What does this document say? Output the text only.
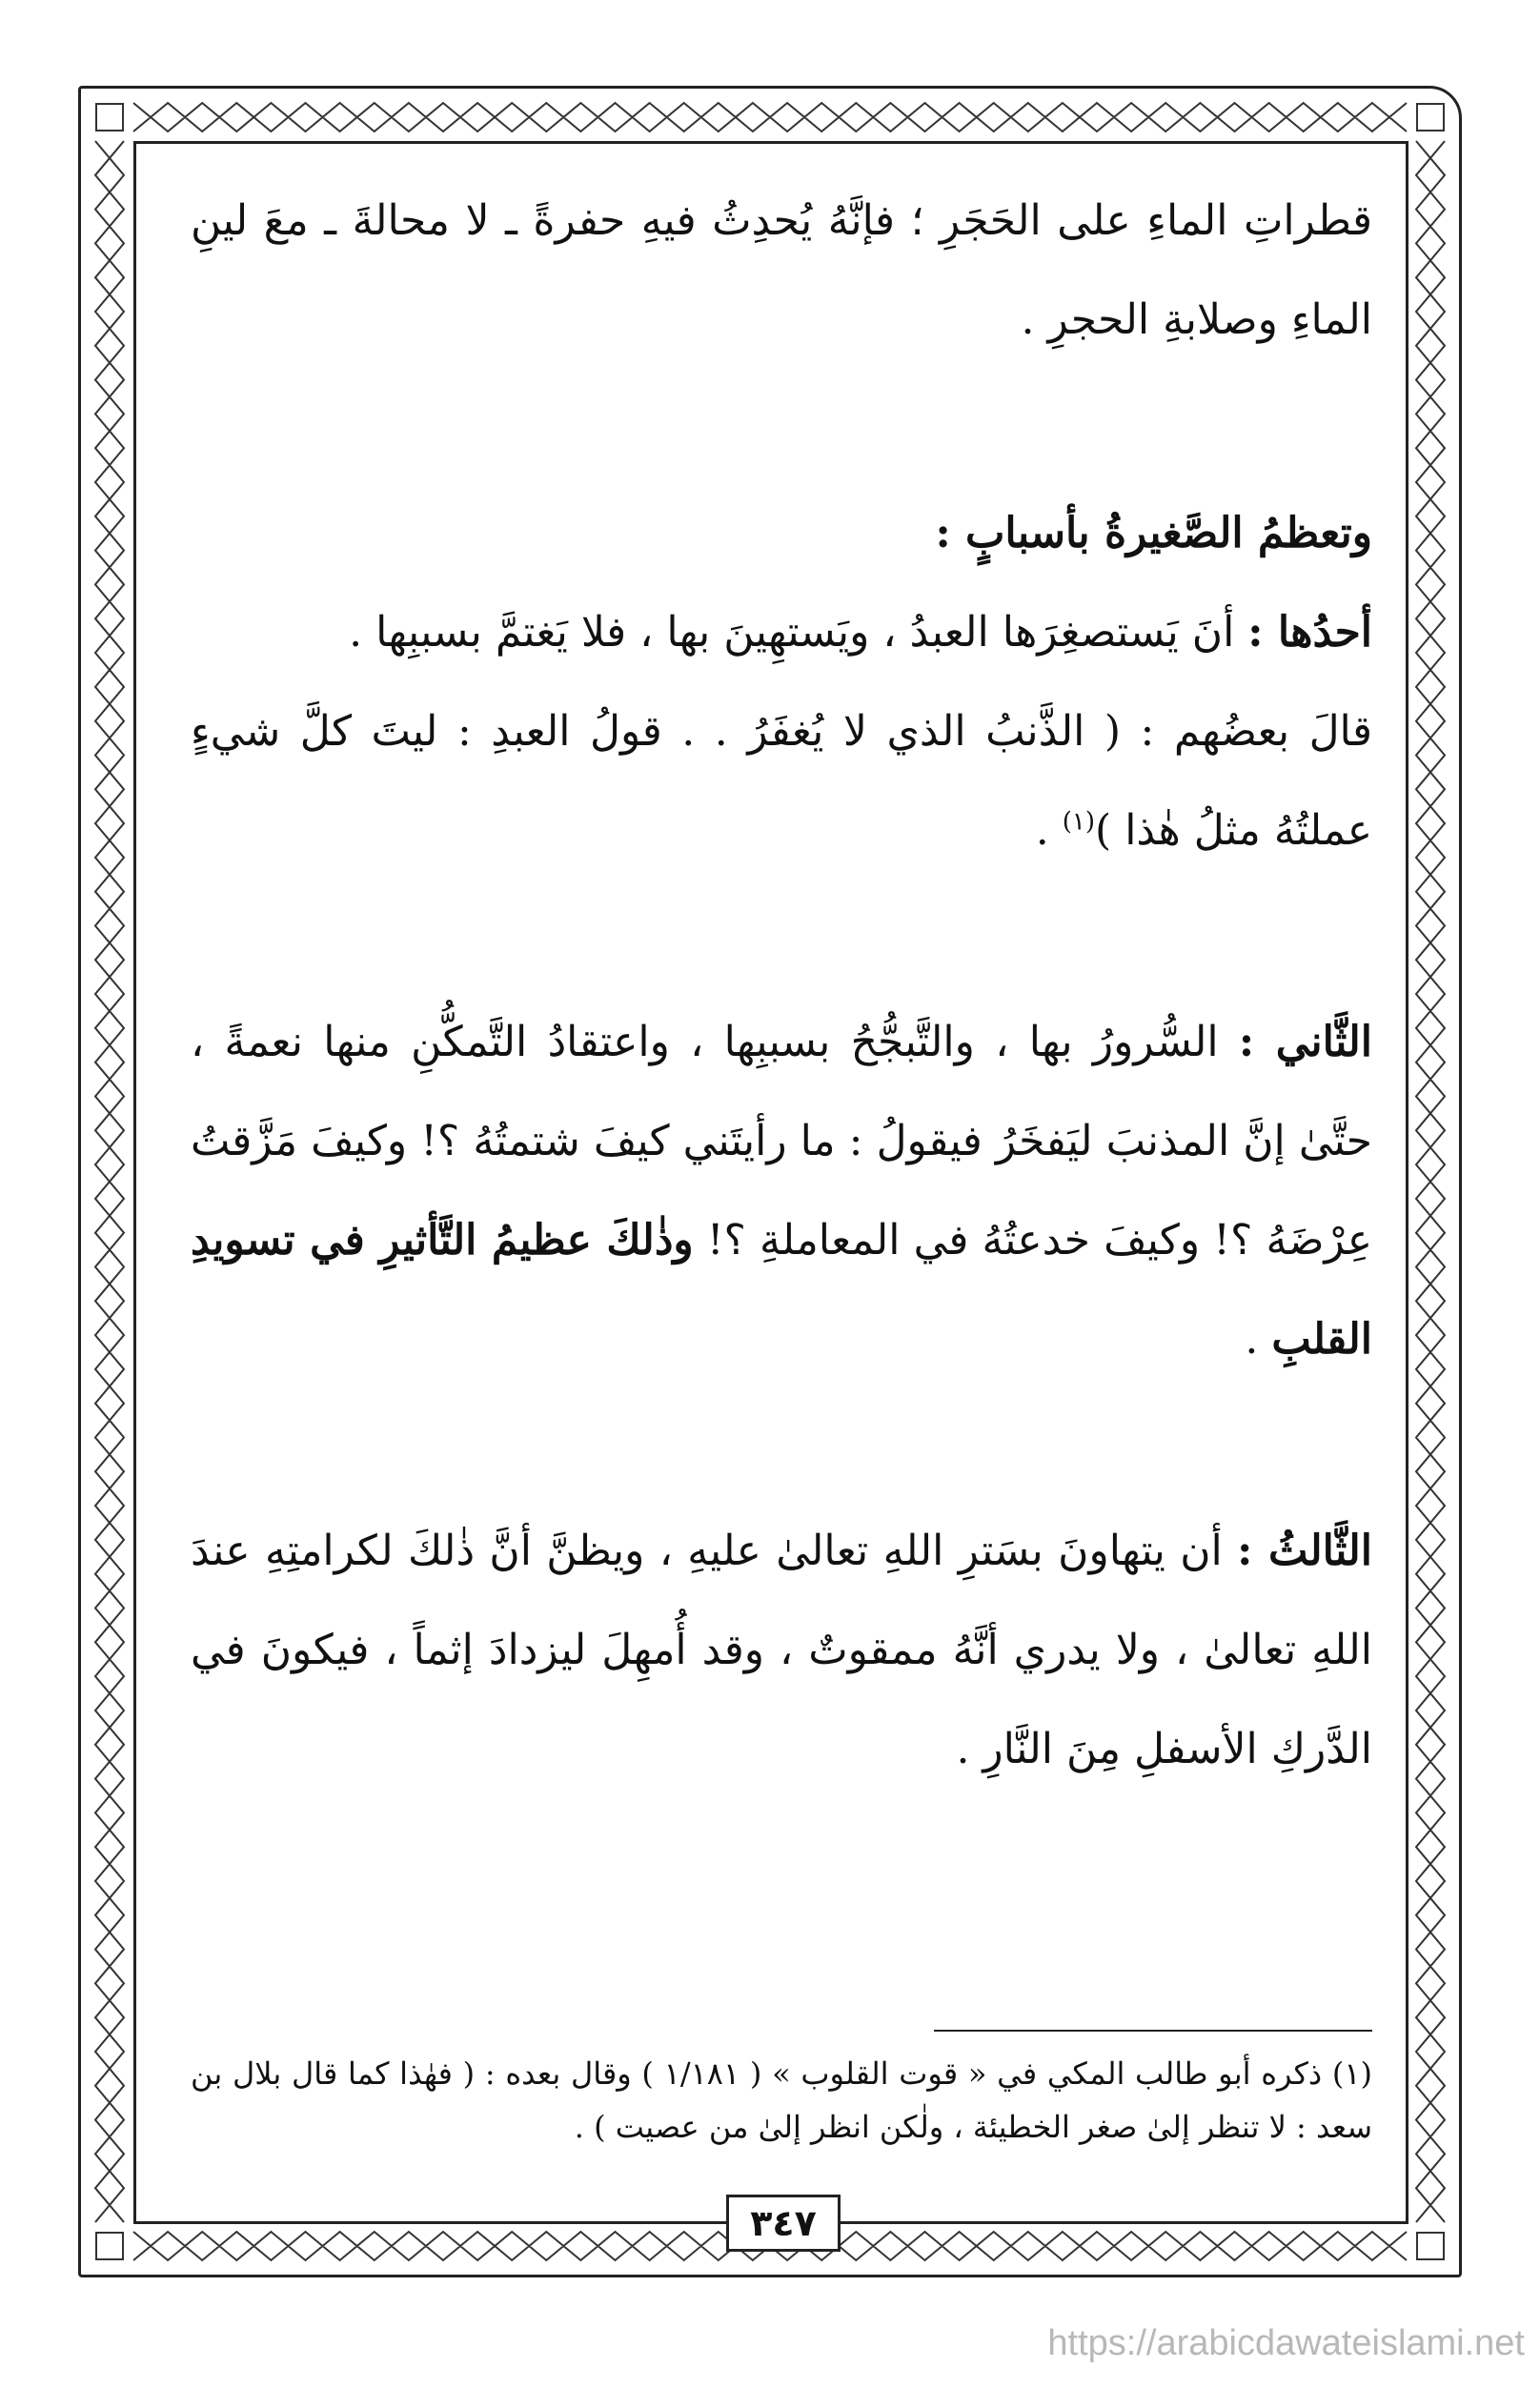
قطراتِ الماءِ على الحَجَرِ ؛ فإنَّهُ يُحدِثُ فيهِ حفرةً ـ لا محالةَ ـ معَ لينِ الماءِ وصلابةِ الحجرِ .

وتعظمُ الصَّغيرةُ بأسبابٍ :

أحدُها : أنَ يَستصغِرَها العبدُ ، ويَستهِينَ بها ، فلا يَغتمَّ بسببِها .

قالَ بعضُهم : ( الذَّنبُ الذي لا يُغفَرُ . . قولُ العبدِ : ليتَ كلَّ شيءٍ عملتُهُ مثلُ هٰذا )$^{(١)}$ .

الثَّاني : السُّرورُ بها ، والتَّبجُّحُ بسببِها ، واعتقادُ التَّمكُّنِ منها نعمةً ، حتَّىٰ إنَّ المذنبَ ليَفخَرُ فيقولُ : ما رأيتَني كيفَ شتمتُهُ ؟! وكيفَ مَزَّقتُ عِرْضَهُ ؟! وكيفَ خدعتُهُ في المعاملةِ ؟! وذٰلكَ عظيمُ التَّأثيرِ في تسويدِ القلبِ .

الثَّالثُ : أن يتهاونَ بسَترِ اللهِ تعالىٰ عليهِ ، ويظنَّ أنَّ ذٰلكَ لكرامتِهِ عندَ اللهِ تعالىٰ ، ولا يدري أنَّهُ ممقوتٌ ، وقد أُمهِلَ ليزدادَ إثماً ، فيكونَ في الدَّركِ الأسفلِ مِنَ النَّارِ .

(١) ذكره أبو طالب المكي في « قوت القلوب » ( ١/١٨١ ) وقال بعده : ( فهٰذا كما قال بلال بن سعد : لا تنظر إلىٰ صغر الخطيئة ، ولٰكن انظر إلىٰ من عصيت ) .

٣٤٧
https://arabicdawateislami.net
